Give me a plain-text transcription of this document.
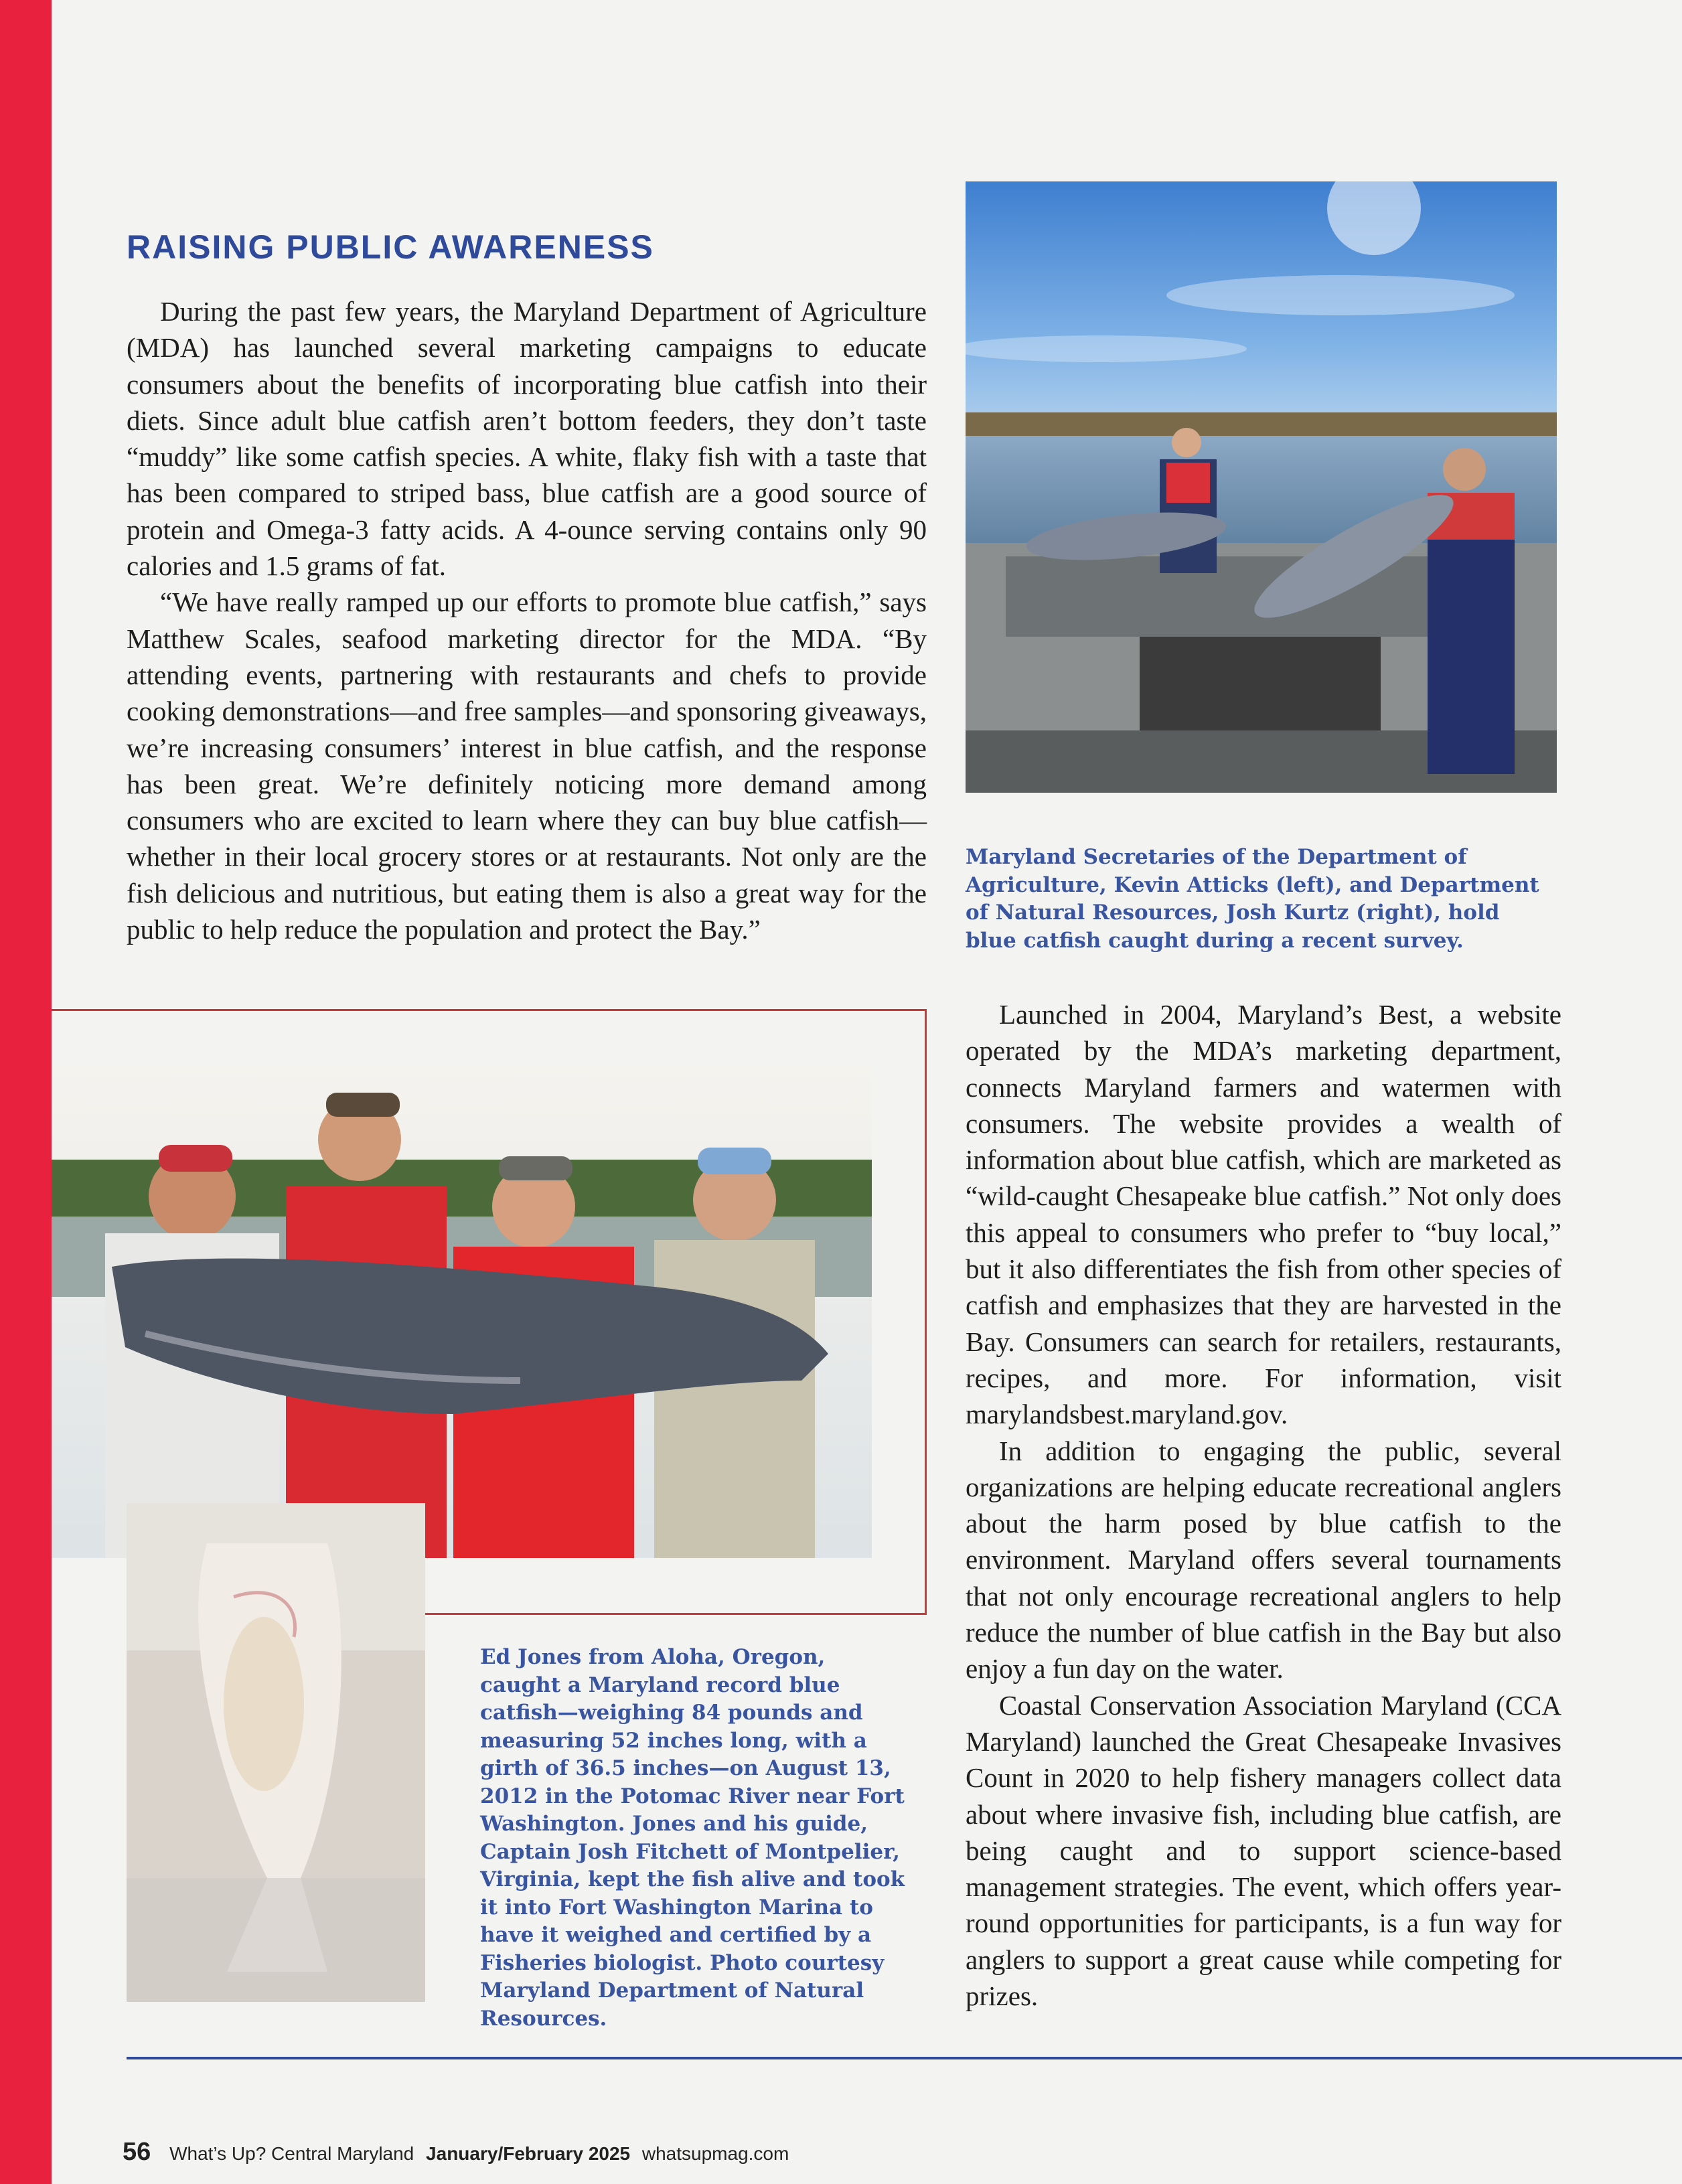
RAISING PUBLIC AWARENESS

During the past few years, the Maryland Department of Agriculture (MDA) has launched several marketing campaigns to educate consumers about the benefits of incorporating blue catfish into their diets. Since adult blue catfish aren’t bottom feeders, they don’t taste “muddy” like some catfish species. A white, flaky fish with a taste that has been compared to striped bass, blue catfish are a good source of protein and Omega-3 fatty acids. A 4-ounce serving contains only 90 calories and 1.5 grams of fat.

“We have really ramped up our efforts to promote blue catfish,” says Matthew Scales, seafood marketing director for the MDA. “By attending events, partnering with restaurants and chefs to provide cooking demonstrations—and free samples—and sponsoring giveaways, we’re increasing consumers’ interest in blue catfish, and the response has been great. We’re definitely noticing more demand among consumers who are excited to learn where they can buy blue catfish—whether in their local grocery stores or at restaurants. Not only are the fish delicious and nutritious, but eating them is also a great way for the public to help reduce the population and protect the Bay.”

Maryland Secretaries of the Department of Agriculture, Kevin Atticks (left), and Department of Natural Resources, Josh Kurtz (right), hold blue catfish caught during a recent survey.
Ed Jones from Aloha, Oregon, caught a Maryland record blue catfish—weighing 84 pounds and measuring 52 inches long, with a girth of 36.5 inches—on August 13, 2012 in the Potomac River near Fort Washington. Jones and his guide, Captain Josh Fitchett of Montpelier, Virginia, kept the fish alive and took it into Fort Washington Marina to have it weighed and certified by a Fisheries biologist. Photo courtesy Maryland Department of Natural Resources.

Launched in 2004, Maryland’s Best, a website operated by the MDA’s marketing department, connects Maryland farmers and watermen with consumers. The website provides a wealth of information about blue catfish, which are marketed as “wild-caught Chesapeake blue catfish.” Not only does this appeal to consumers who prefer to “buy local,” but it also differentiates the fish from other species of catfish and emphasizes that they are harvested in the Bay. Consumers can search for retailers, restaurants, recipes, and more. For information, visit marylandsbest.maryland.gov.

In addition to engaging the public, several organizations are helping educate recreational anglers about the harm posed by blue catfish to the environment. Maryland offers several tournaments that not only encourage recreational anglers to help reduce the number of blue catfish in the Bay but also enjoy a fun day on the water.

Coastal Conservation Association Maryland (CCA Maryland) launched the Great Chesapeake Invasives Count in 2020 to help fishery managers collect data about where invasive fish, including blue catfish, are being caught and to support science-based management strategies. The event, which offers year-round opportunities for participants, is a fun way for anglers to support a great cause while competing for prizes.

56 What’s Up? Central Maryland January/February 2025 whatsupmag.com
